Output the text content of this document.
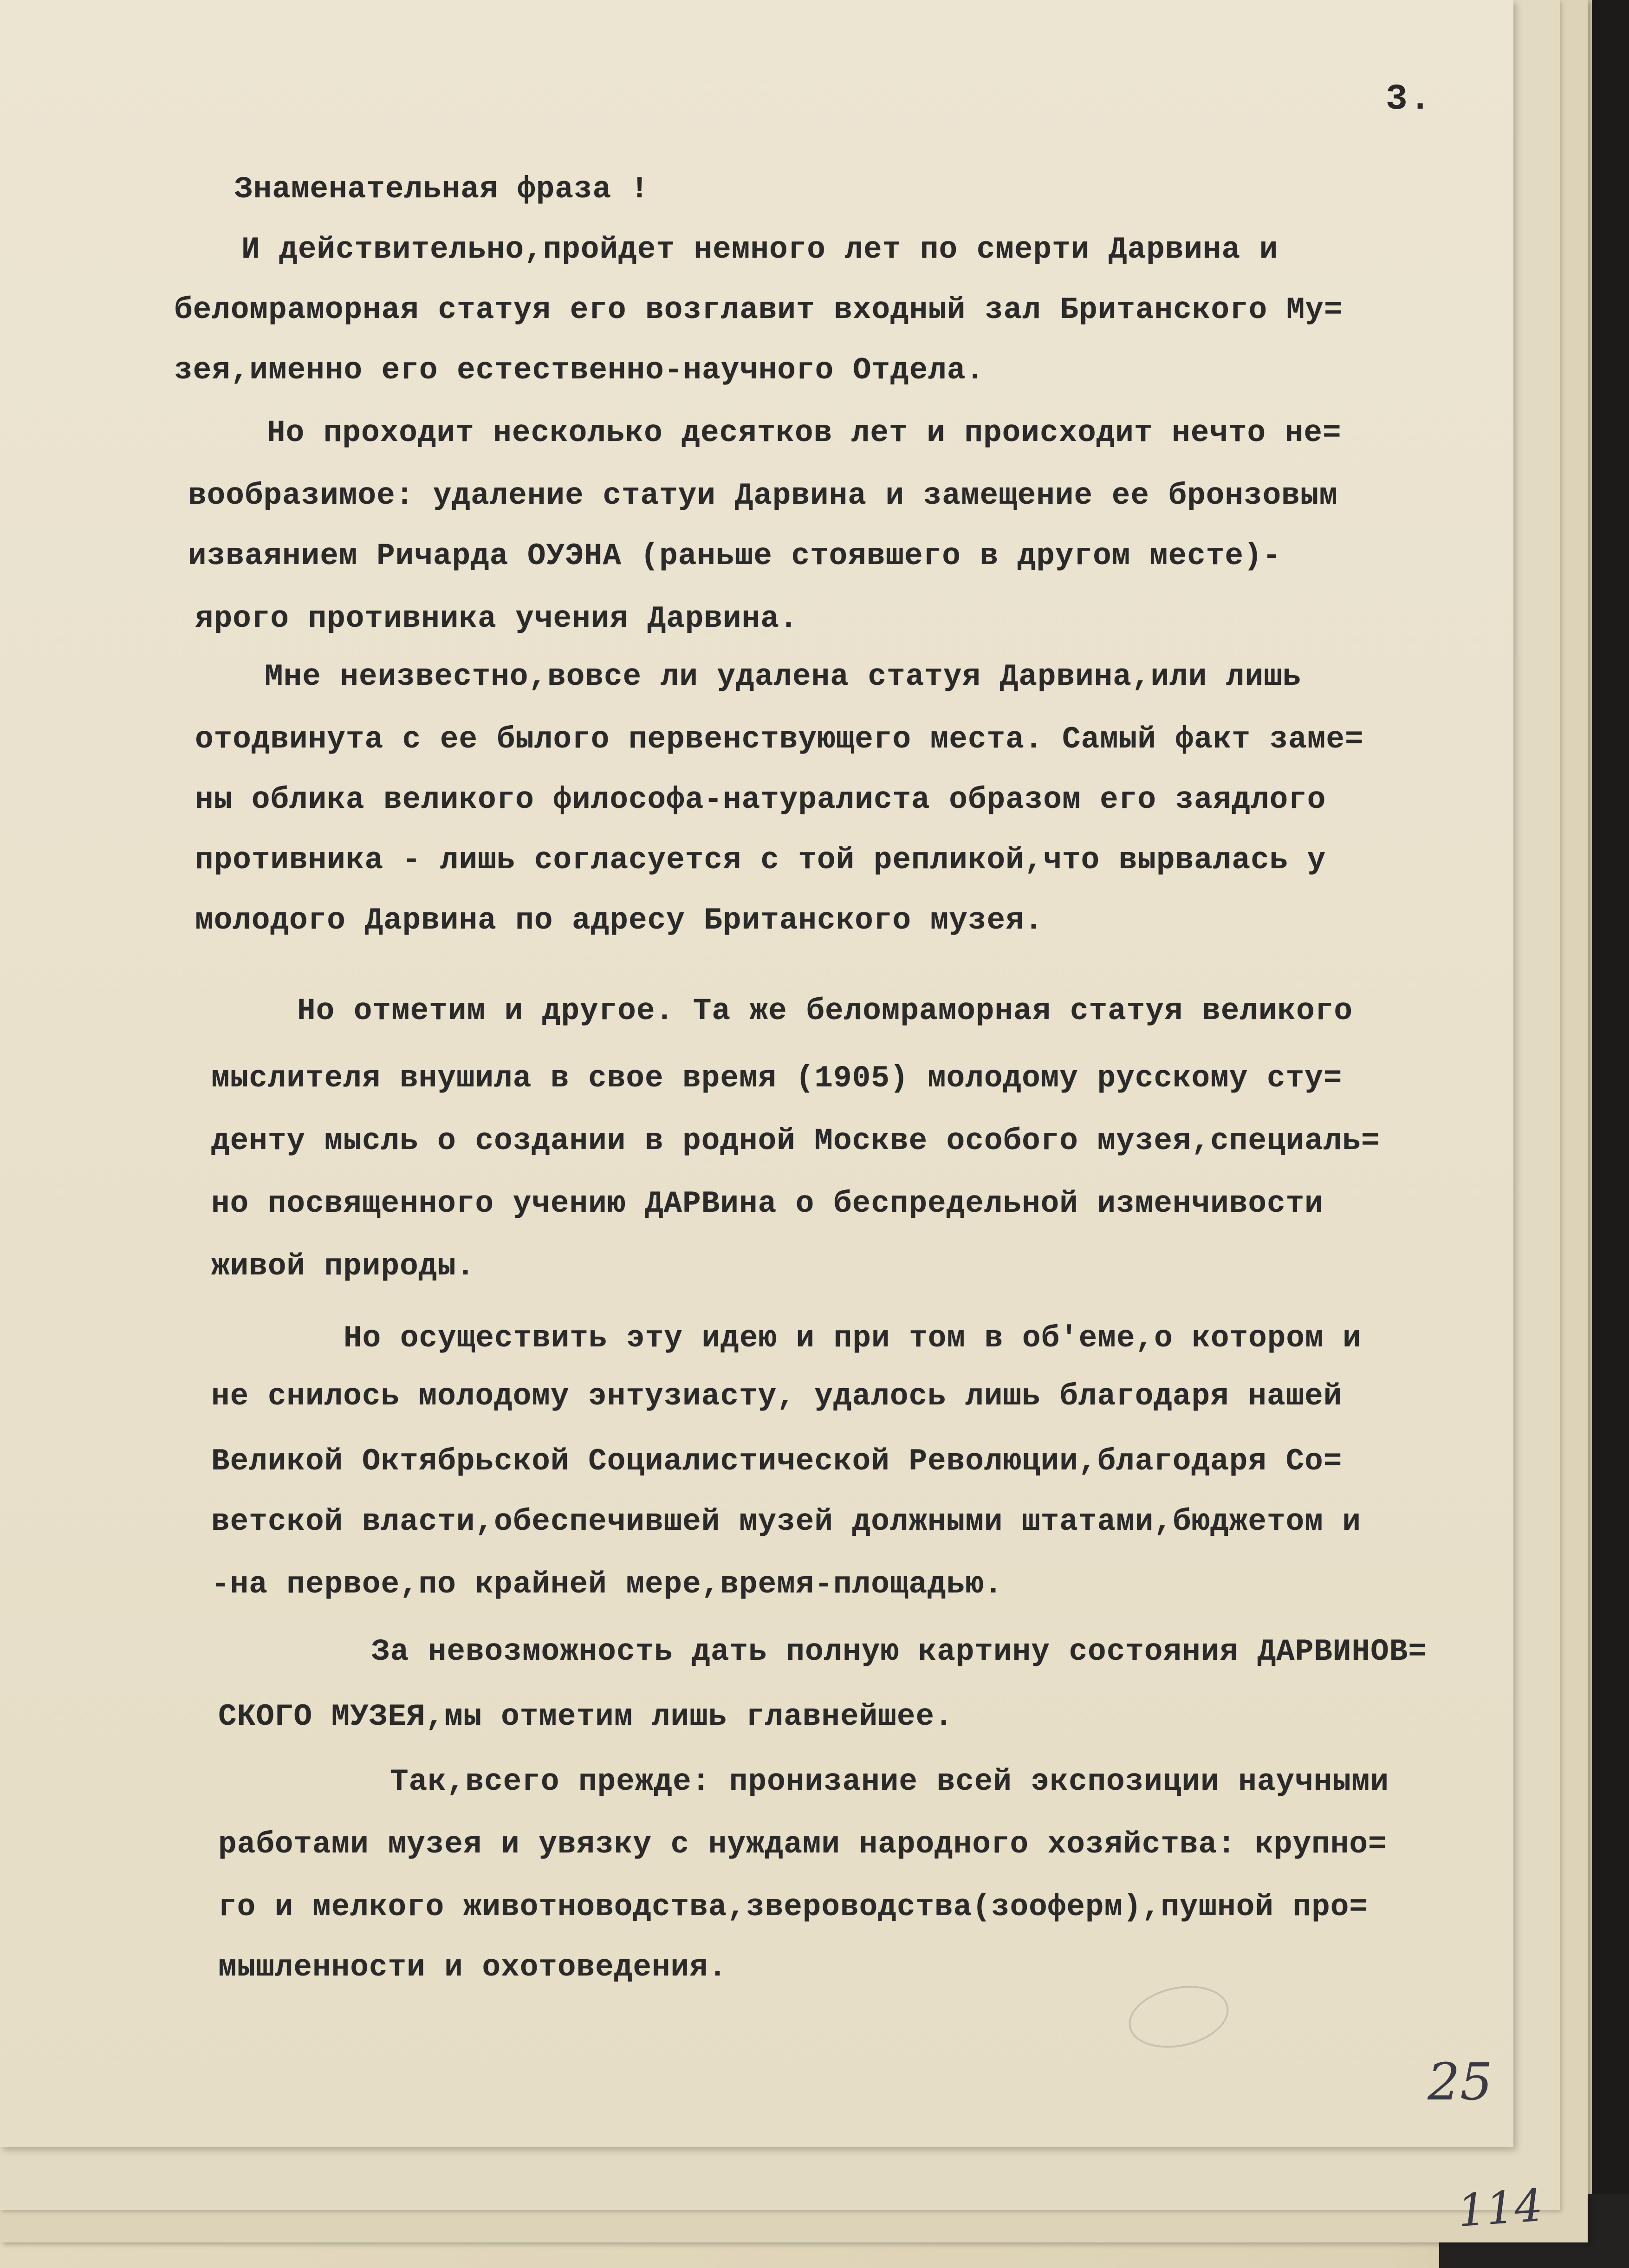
3.
Знаменательная фраза !
И действительно,пройдет немного лет по смерти Дарвина и
беломраморная статуя его возглавит входный зал Британского Му=
зея,именно его естественно-научного Отдела.
Но проходит несколько десятков лет и происходит нечто не=
вообразимое: удаление статуи Дарвина и замещение ее бронзовым
изваянием Ричарда ОУЭНА (раньше стоявшего в другом месте)-
ярого противника учения Дарвина.
Мне неизвестно,вовсе ли удалена статуя Дарвина,или лишь
отодвинута с ее былого первенствующего места. Самый факт заме=
ны облика великого философа-натуралиста образом его заядлого
противника - лишь согласуется с той репликой,что вырвалась у
молодого Дарвина по адресу Британского музея.
Но отметим и другое. Та же беломраморная статуя великого
мыслителя внушила в свое время (1905) молодому русскому сту=
денту мысль о создании в родной Москве особого музея,специаль=
но посвященного учению ДАРВина о беспредельной изменчивости
живой природы.
Но осуществить эту идею и при том в об'еме,о котором и
не снилось молодому энтузиасту, удалось лишь благодаря нашей
Великой Октябрьской Социалистической Революции,благодаря Со=
ветской власти,обеспечившей музей должными штатами,бюджетом и
-на первое,по крайней мере,время-площадью.
За невозможность дать полную картину состояния ДАРВИНОВ=
СКОГО МУЗЕЯ,мы отметим лишь главнейшее.
Так,всего прежде: пронизание всей экспозиции научными
работами музея и увязку с нуждами народного хозяйства: крупно=
го и мелкого животноводства,звероводства(зооферм),пушной про=
мышленности и охотоведения.
25
114
